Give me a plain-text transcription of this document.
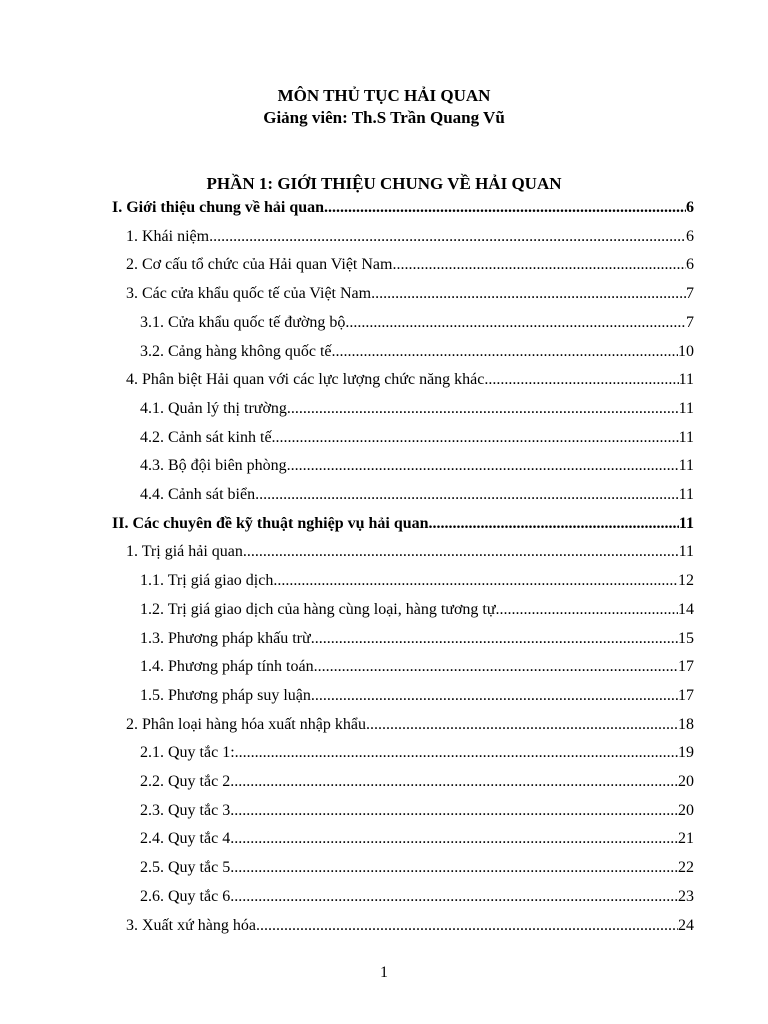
MÔN THỦ TỤC HẢI QUAN
Giảng viên: Th.S Trần Quang Vũ
PHẦN 1: GIỚI THIỆU CHUNG VỀ HẢI QUAN
I. Giới thiệu chung về hải quan .....	6
1. Khái niệm .....	6
2. Cơ cấu tổ chức của Hải quan Việt Nam .....	6
3. Các cửa khẩu quốc tế của Việt Nam .....	7
3.1. Cửa khẩu quốc tế đường bộ .....	7
3.2. Cảng hàng không quốc tế .....	10
4. Phân biệt Hải quan với các lực lượng chức năng khác .....	11
4.1. Quản lý thị trường .....	11
4.2. Cảnh sát kinh tế .....	11
4.3. Bộ đội biên phòng .....	11
4.4. Cảnh sát biển .....	11
II. Các chuyên đề kỹ thuật nghiệp vụ hải quan .....	11
1. Trị giá hải quan .....	11
1.1. Trị giá giao dịch .....	12
1.2. Trị giá giao dịch của hàng cùng loại, hàng tương tự .....	14
1.3. Phương pháp khấu trừ .....	15
1.4. Phương pháp tính toán .....	17
1.5. Phương pháp suy luận .....	17
2. Phân loại hàng hóa xuất nhập khẩu .....	18
2.1. Quy tắc 1: .....	19
2.2. Quy tắc 2 .....	20
2.3. Quy tắc 3 .....	20
2.4. Quy tắc 4 .....	21
2.5. Quy tắc 5 .....	22
2.6. Quy tắc 6 .....	23
3. Xuất xứ hàng hóa .....	24
1
